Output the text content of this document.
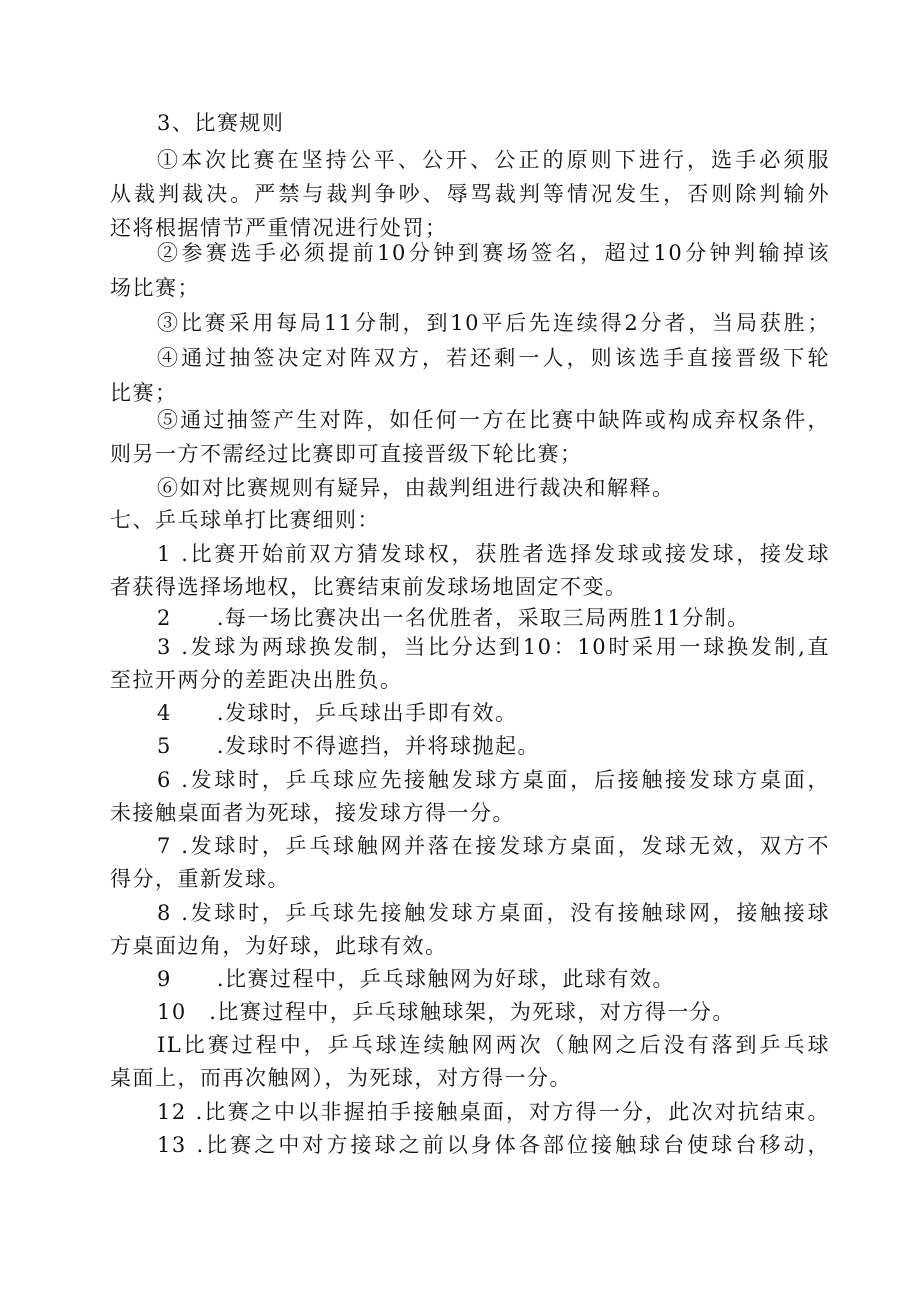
3、比赛规则
①本次比赛在坚持公平、公开、公正的原则下进行，选手必须服
从裁判裁决。严禁与裁判争吵、辱骂裁判等情况发生，否则除判输外
还将根据情节严重情况进行处罚；
②参赛选手必须提前10分钟到赛场签名，超过10分钟判输掉该
场比赛；
③比赛采用每局11分制，到10平后先连续得2分者，当局获胜；
④通过抽签决定对阵双方，若还剩一人，则该选手直接晋级下轮
比赛；
⑤通过抽签产生对阵，如任何一方在比赛中缺阵或构成弃权条件，
则另一方不需经过比赛即可直接晋级下轮比赛；
⑥如对比赛规则有疑异，由裁判组进行裁决和解释。
七、乒乓球单打比赛细则：
1 .比赛开始前双方猜发球权，获胜者选择发球或接发球，接发球
者获得选择场地权，比赛结束前发球场地固定不变。
2　　.每一场比赛决出一名优胜者，采取三局两胜11分制。
3 .发球为两球换发制，当比分达到10：10时采用一球换发制,直
至拉开两分的差距决出胜负。
4　　.发球时，乒乓球出手即有效。
5　　.发球时不得遮挡，并将球抛起。
6 .发球时，乒乓球应先接触发球方桌面，后接触接发球方桌面，
未接触桌面者为死球，接发球方得一分。
7 .发球时，乒乓球触网并落在接发球方桌面，发球无效，双方不
得分，重新发球。
8 .发球时，乒乓球先接触发球方桌面，没有接触球网，接触接球
方桌面边角，为好球，此球有效。
9　　.比赛过程中，乒乓球触网为好球，此球有效。
10　.比赛过程中，乒乓球触球架，为死球，对方得一分。
IL比赛过程中，乒乓球连续触网两次（触网之后没有落到乒乓球
桌面上，而再次触网），为死球，对方得一分。
12 .比赛之中以非握拍手接触桌面，对方得一分，此次对抗结束。
13 .比赛之中对方接球之前以身体各部位接触球台使球台移动，
